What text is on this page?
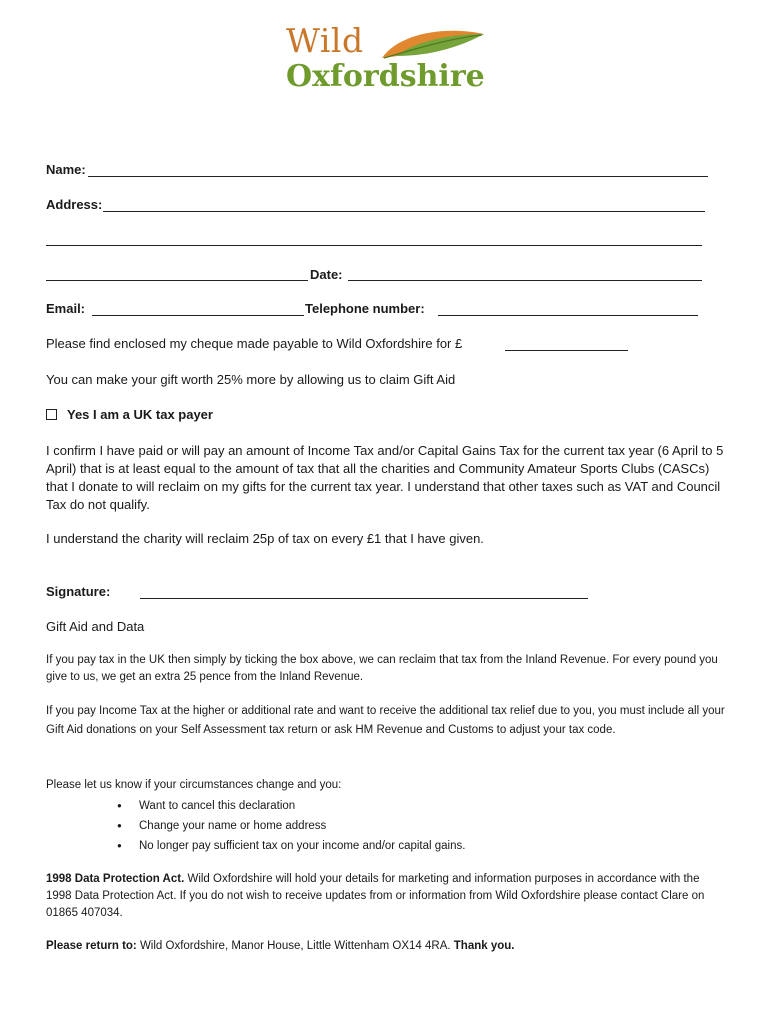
Wild
Oxfordshire
Name:
Address:
Date:
Email:	Telephone number:
Please find enclosed my cheque made payable to Wild Oxfordshire for £
You can make your gift worth 25% more by allowing us to claim Gift Aid
Yes I am a UK tax payer
I confirm I have paid or will pay an amount of Income Tax and/or Capital Gains Tax for the current tax year (6 April to 5 April) that is at least equal to the amount of tax that all the charities and Community Amateur Sports Clubs (CASCs) that I donate to will reclaim on my gifts for the current tax year. I understand that other taxes such as VAT and Council Tax do not qualify.
I understand the charity will reclaim 25p of tax on every £1 that I have given.
Signature:
Gift Aid and Data
If you pay tax in the UK then simply by ticking the box above, we can reclaim that tax from the Inland Revenue. For every pound you give to us, we get an extra 25 pence from the Inland Revenue.
If you pay Income Tax at the higher or additional rate and want to receive the additional tax relief due to you, you must include all your Gift Aid donations on your Self Assessment tax return or ask HM Revenue and Customs to adjust your tax code.
Please let us know if your circumstances change and you:
● Want to cancel this declaration
● Change your name or home address
● No longer pay sufficient tax on your income and/or capital gains.
1998 Data Protection Act. Wild Oxfordshire will hold your details for marketing and information purposes in accordance with the 1998 Data Protection Act. If you do not wish to receive updates from or information from Wild Oxfordshire please contact Clare on 01865 407034.
Please return to: Wild Oxfordshire, Manor House, Little Wittenham OX14 4RA. Thank you.
